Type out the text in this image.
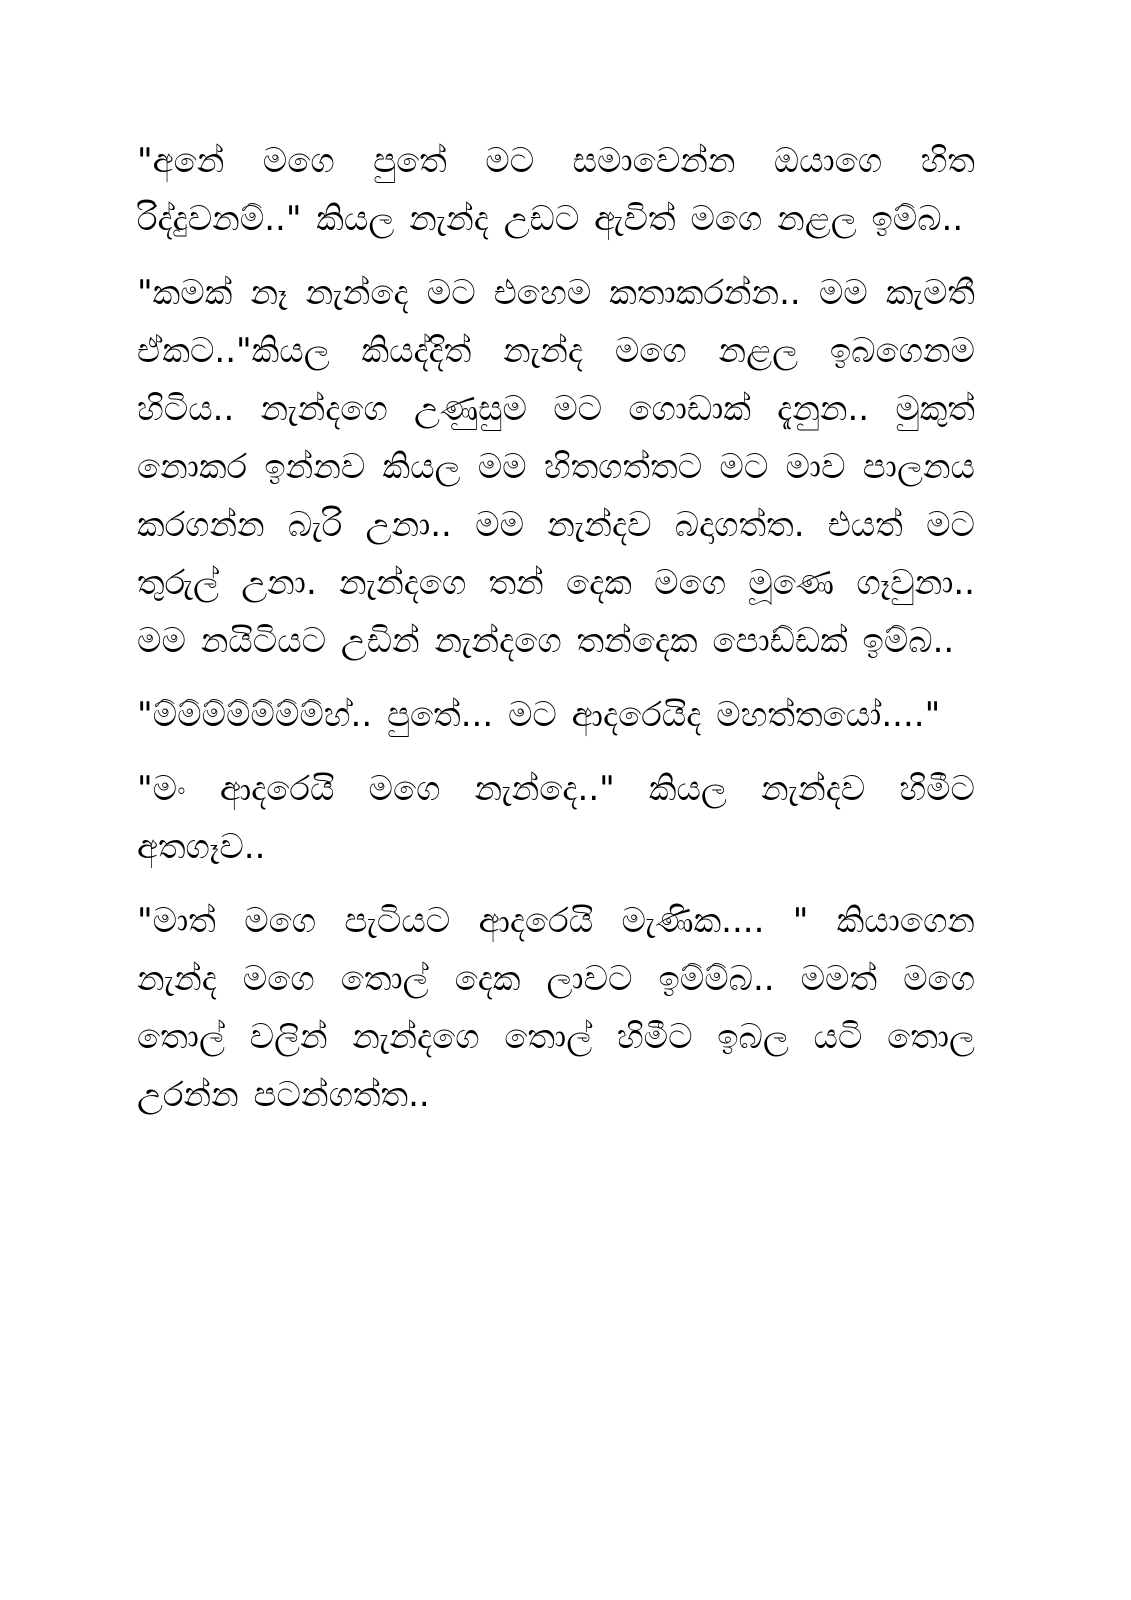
"අනේ මගෙ පුතේ මට සමාවෙන්න ඔයාගෙ හිත රිද්දුවනම්.." කියල නැන්ද උඩට ඇවිත් මගෙ නළල ඉම්බ..

"කමක් නෑ නැන්දෙ මට එහෙම කතාකරන්න.. මම කැමතී ඒකට.."කියල කියද්දිත් නැන්ද මගෙ නළල ඉබගෙනම හිටිය.. නැන්දගෙ උණුසුම මට ගොඩාක් දැනුන.. මුකුත් නොකර ඉන්නව කියල මම හිතගත්තට මට මාව පාලනය කරගන්න බැරි උනා.. මම නැන්දව බදාගත්ත. එයත් මට තුරුල් උනා. නැන්දගෙ තන් දෙක මගෙ මූණෙ ගෑවුනා.. මම නයිටියට උඩින් නැන්දගෙ තන්දෙක පොඩ්ඩක් ඉම්බ..

"ම්ම්ම්ම්ම්ම්ම්හ්.. පුතේ... මට ආදරෙයිද මහත්තයෝ...."

"මං ආදරෙයි මගෙ නැන්දෙ.." කියල නැන්දව හිමීට අතගෑව..

"මාත් මගෙ පැටියට ආදරෙයි මැණික.... " කියාගෙන නැන්ද මගෙ තොල් දෙක ලාවට ඉම්ම්බ.. මමත් මගෙ තොල් වලින් නැන්දගෙ තොල් හිමීට ඉබල යටි තොල උරන්න පටන්ගත්ත..
